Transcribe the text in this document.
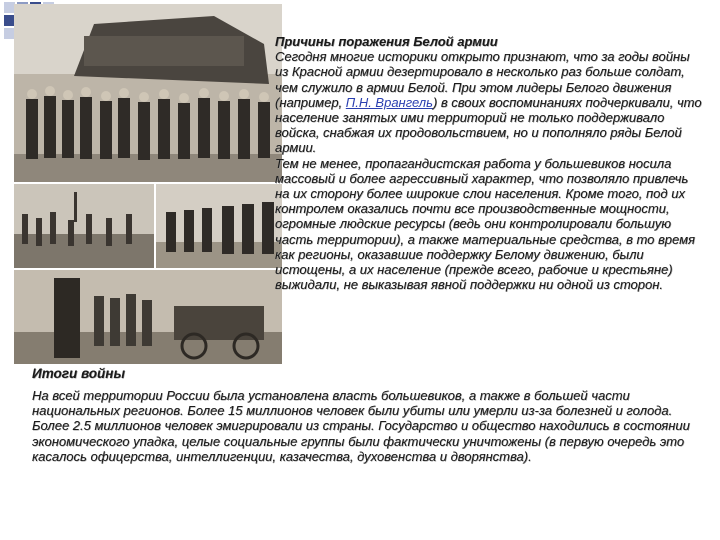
Причины поражения Белой армии

Сегодня многие историки открыто признают, что за годы войны из Красной армии дезертировало в несколько раз больше солдат, чем служило в армии Белой. При этом лидеры Белого движения (например, П.Н. Врангель) в своих воспоминаниях подчеркивали, что население занятых ими территорий не только поддерживало войска, снабжая их продовольствием, но и пополняло ряды Белой армии.

Тем не менее, пропагандистская работа у большевиков носила массовый и более агрессивный характер, что позволяло привлечь на их сторону более широкие слои населения. Кроме того, под их контролем оказались почти все производственные мощности, огромные людские ресурсы (ведь они контролировали большую часть территории), а также материальные средства, в то время как регионы, оказавшие поддержку Белому движению, были истощены, а их население (прежде всего, рабочие и крестьяне) выжидали, не выказывая явной поддержки ни одной из сторон.

Итоги войны

На всей территории России была установлена власть большевиков, а также в большей части национальных регионов. Более 15 миллионов человек были убиты или умерли из-за болезней и голода. Более 2.5 миллионов человек эмигрировали из страны. Государство и общество находились в состоянии экономического упадка, целые социальные группы были фактически уничтожены (в первую очередь это касалось офицерства, интеллигенции, казачества, духовенства и дворянства).
